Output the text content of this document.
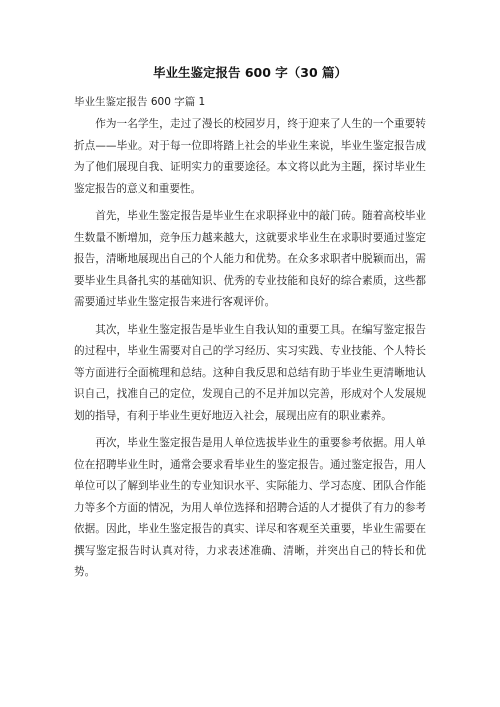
毕业生鉴定报告 600 字（30 篇）
毕业生鉴定报告 600 字篇 1

作为一名学生，走过了漫长的校园岁月，终于迎来了人生的一个重要转折点——毕业。对于每一位即将踏上社会的毕业生来说，毕业生鉴定报告成为了他们展现自我、证明实力的重要途径。本文将以此为主题，探讨毕业生鉴定报告的意义和重要性。

首先，毕业生鉴定报告是毕业生在求职择业中的敲门砖。随着高校毕业生数量不断增加，竞争压力越来越大，这就要求毕业生在求职时要通过鉴定报告，清晰地展现出自己的个人能力和优势。在众多求职者中脱颖而出，需要毕业生具备扎实的基础知识、优秀的专业技能和良好的综合素质，这些都需要通过毕业生鉴定报告来进行客观评价。

其次，毕业生鉴定报告是毕业生自我认知的重要工具。在编写鉴定报告的过程中，毕业生需要对自己的学习经历、实习实践、专业技能、个人特长等方面进行全面梳理和总结。这种自我反思和总结有助于毕业生更清晰地认识自己，找准自己的定位，发现自己的不足并加以完善，形成对个人发展规划的指导，有利于毕业生更好地迈入社会，展现出应有的职业素养。

再次，毕业生鉴定报告是用人单位选拔毕业生的重要参考依据。用人单位在招聘毕业生时，通常会要求看毕业生的鉴定报告。通过鉴定报告，用人单位可以了解到毕业生的专业知识水平、实际能力、学习态度、团队合作能力等多个方面的情况，为用人单位选择和招聘合适的人才提供了有力的参考依据。因此，毕业生鉴定报告的真实、详尽和客观至关重要，毕业生需要在撰写鉴定报告时认真对待，力求表述准确、清晰，并突出自己的特长和优势。
